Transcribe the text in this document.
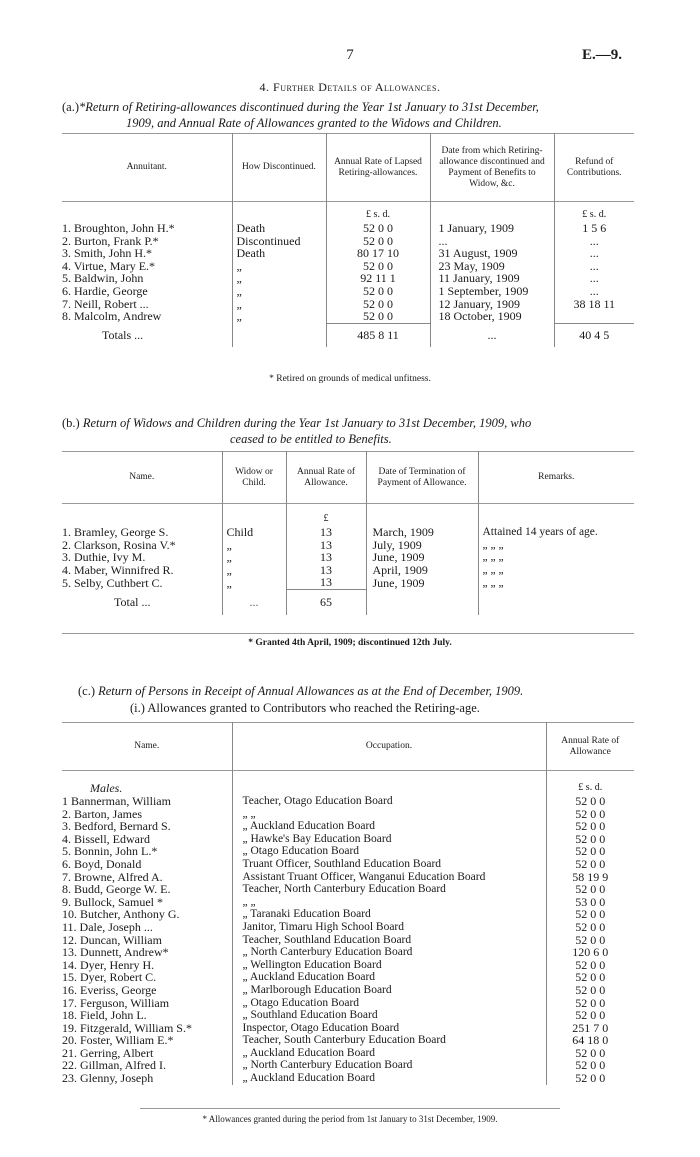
7	E.—9.
4. Further Details of Allowances.
(a.)*Return of Retiring-allowances discontinued during the Year 1st January to 31st December,
1909, and Annual Rate of Allowances granted to the Widows and Children.
Annuitant.	How Discontinued.	Annual Rate of Lapsed Retiring-allowances.	Date from which Retiring-allowance discontinued and Payment of Benefits to Widow, &c.	Refund of Contributions.
		£ s. d.		£ s. d.
1. Broughton, John H.*	Death	52 0 0	1 January, 1909	1 5 6
2. Burton, Frank P.*	Discontinued	52 0 0	...	...
3. Smith, John H.*	Death	80 17 10	31 August, 1909	...
4. Virtue, Mary E.*	„	52 0 0	23 May, 1909	...
5. Baldwin, John	„	92 11 1	11 January, 1909	...
6. Hardie, George	„	52 0 0	1 September, 1909	...
7. Neill, Robert ...	„	52 0 0	12 January, 1909	38 18 11
8. Malcolm, Andrew	„	52 0 0	18 October, 1909	
Totals ...		485 8 11	...	40 4 5
* Retired on grounds of medical unfitness.
(b.) Return of Widows and Children during the Year 1st January to 31st December, 1909, who
ceased to be entitled to Benefits.
Name.	Widow or Child.	Annual Rate of Allowance.	Date of Termination of Payment of Allowance.	Remarks.
		£		
1. Bramley, George S.	Child	13	March, 1909	Attained 14 years of age.
2. Clarkson, Rosina V.*	„	13	July, 1909	„ „ „
3. Duthie, Ivy M.	„	13	June, 1909	„ „ „
4. Maber, Winnifred R.	„	13	April, 1909	„ „ „
5. Selby, Cuthbert C.	„	13	June, 1909	„ „ „
Total ...	...	65		
* Granted 4th April, 1909; discontinued 12th July.
(c.) Return of Persons in Receipt of Annual Allowances as at the End of December, 1909.
(i.) Allowances granted to Contributors who reached the Retiring-age.
Name.	Occupation.	Annual Rate of Allowance
Males.		£ s. d.
1 Bannerman, William	Teacher, Otago Education Board	52 0 0
2. Barton, James	„ „	52 0 0
3. Bedford, Bernard S.	„ Auckland Education Board	52 0 0
4. Bissell, Edward	„ Hawke's Bay Education Board	52 0 0
5. Bonnin, John L.*	„ Otago Education Board	52 0 0
6. Boyd, Donald	Truant Officer, Southland Education Board	52 0 0
7. Browne, Alfred A.	Assistant Truant Officer, Wanganui Education Board	58 19 9
8. Budd, George W. E.	Teacher, North Canterbury Education Board	52 0 0
9. Bullock, Samuel *	„ „	53 0 0
10. Butcher, Anthony G.	„ Taranaki Education Board	52 0 0
11. Dale, Joseph ...	Janitor, Timaru High School Board	52 0 0
12. Duncan, William	Teacher, Southland Education Board	52 0 0
13. Dunnett, Andrew*	„ North Canterbury Education Board	120 6 0
14. Dyer, Henry H.	„ Wellington Education Board	52 0 0
15. Dyer, Robert C.	„ Auckland Education Board	52 0 0
16. Everiss, George	„ Marlborough Education Board	52 0 0
17. Ferguson, William	„ Otago Education Board	52 0 0
18. Field, John L.	„ Southland Education Board	52 0 0
19. Fitzgerald, William S.*	Inspector, Otago Education Board	251 7 0
20. Foster, William E.*	Teacher, South Canterbury Education Board	64 18 0
21. Gerring, Albert	„ Auckland Education Board	52 0 0
22. Gillman, Alfred I.	„ North Canterbury Education Board	52 0 0
23. Glenny, Joseph	„ Auckland Education Board	52 0 0
* Allowances granted during the period from 1st January to 31st December, 1909.
